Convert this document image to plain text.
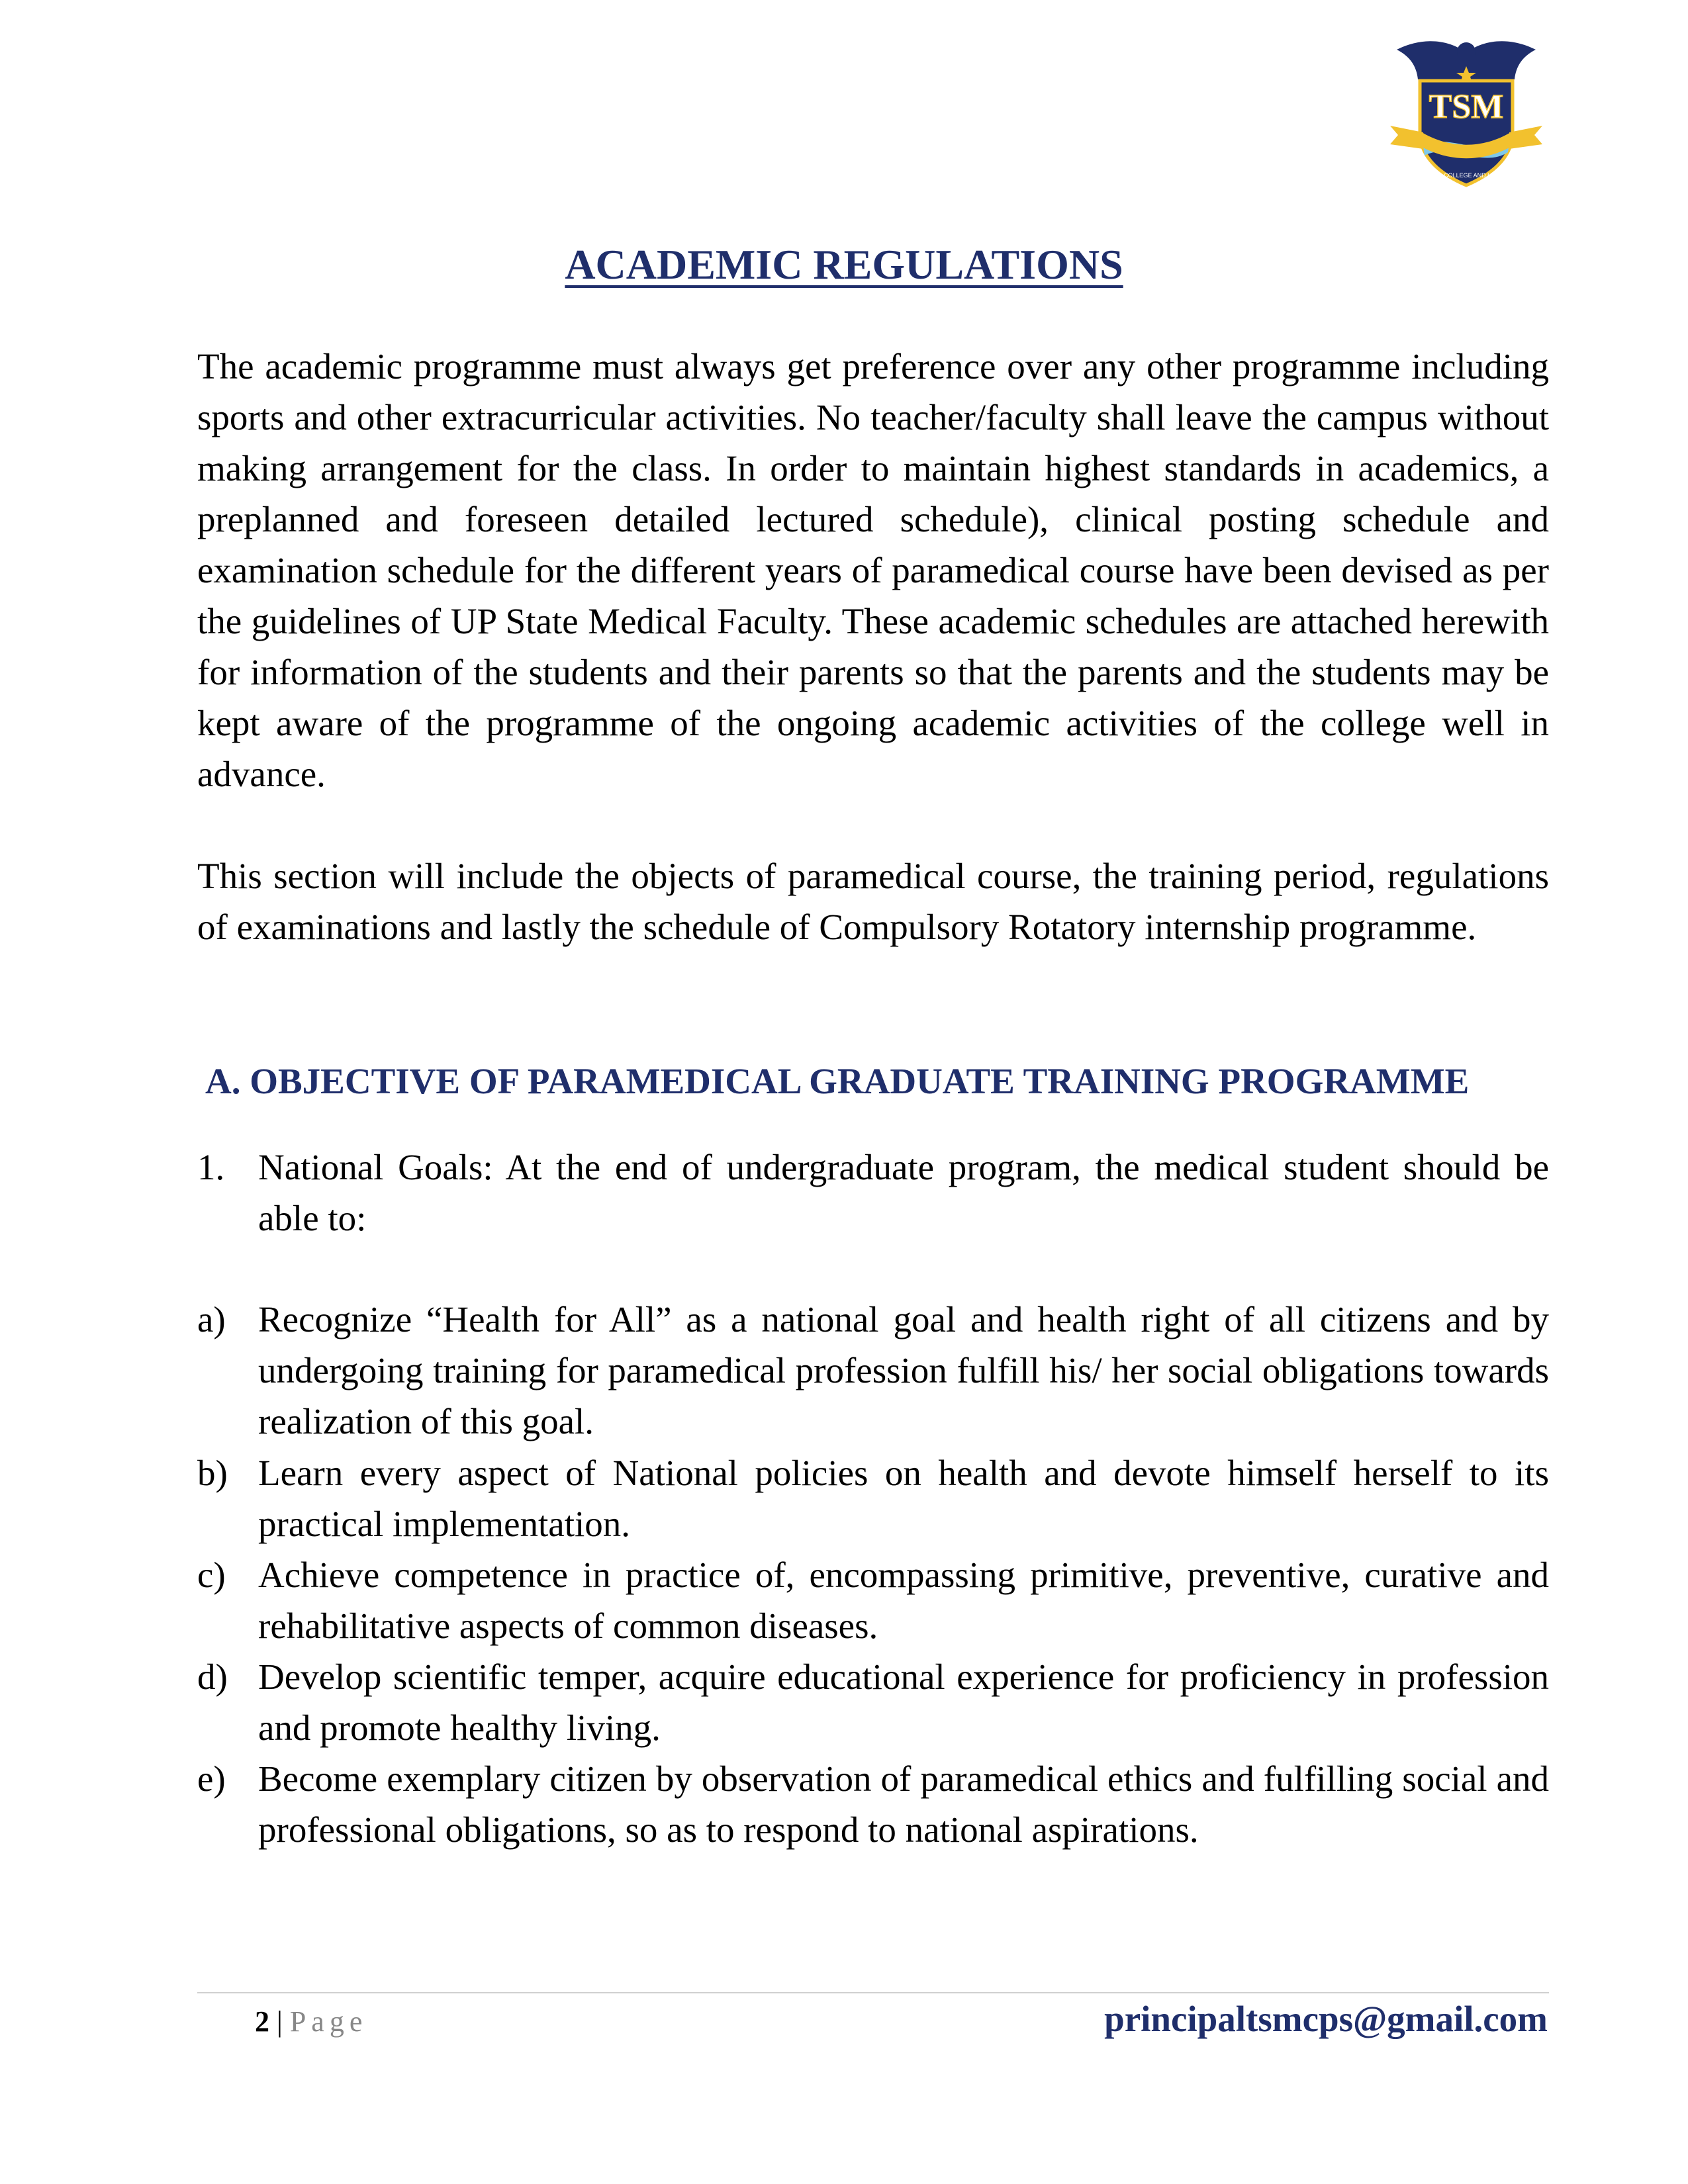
TSM
MEDICAL COLLEGE AND HOSPITAL
ACADEMIC REGULATIONS

The academic programme must always get preference over any other programme including sports and other extracurricular activities. No teacher/faculty shall leave the campus without making arrangement for the class. In order to maintain highest standards in academics, a preplanned and foreseen detailed lectured schedule), clinical posting schedule and examination schedule for the different years of paramedical course have been devised as per the guidelines of UP State Medical Faculty. These academic schedules are attached herewith for information of the students and their parents so that the parents and the students may be kept aware of the programme of the ongoing academic activities of the college well in advance.

This section will include the objects of paramedical course, the training period, regulations of examinations and lastly the schedule of Compulsory Rotatory internship programme.

A. OBJECTIVE OF PARAMEDICAL GRADUATE TRAINING PROGRAMME
1. National Goals: At the end of undergraduate program, the medical student should be able to:
a) Recognize “Health for All” as a national goal and health right of all citizens and by undergoing training for paramedical profession fulfill his/ her social obligations towards realization of this goal.
b) Learn every aspect of National policies on health and devote himself herself to its practical implementation.
c) Achieve competence in practice of, encompassing primitive, preventive, curative and rehabilitative aspects of common diseases.
d) Develop scientific temper, acquire educational experience for proficiency in profession and promote healthy living.
e) Become exemplary citizen by observation of paramedical ethics and fulfilling social and professional obligations, so as to respond to national aspirations.
2 | Page	principaltsmcps@gmail.com
